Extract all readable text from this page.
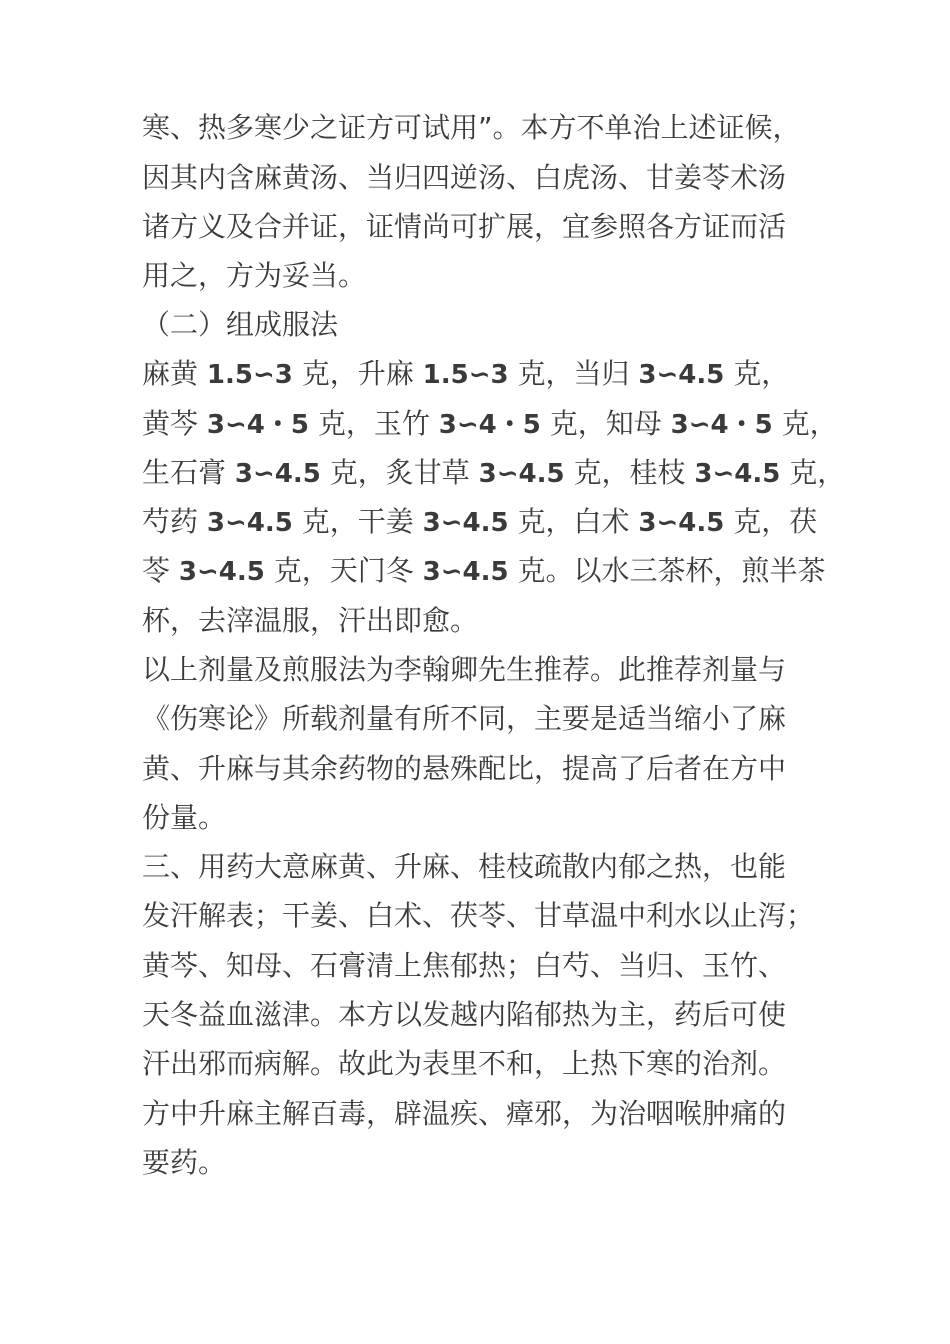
寒、热多寒少之证方可试用”。本方不单治上述证候，
因其内含麻黄汤、当归四逆汤、白虎汤、甘姜苓术汤
诸方义及合并证，证情尚可扩展，宜参照各方证而活
用之，方为妥当。
（二）组成服法
麻黄 1.5∽3 克，升麻 1.5∽3 克，当归 3∽4.5 克，
黄芩 3∽4・5 克，玉竹 3∽4・5 克，知母 3∽4・5 克，
生石膏 3∽4.5 克，炙甘草 3∽4.5 克，桂枝 3∽4.5 克，
芍药 3∽4.5 克，干姜 3∽4.5 克，白术 3∽4.5 克，茯
苓 3∽4.5 克，天门冬 3∽4.5 克。以水三茶杯，煎半茶
杯，去滓温服，汗出即愈。
以上剂量及煎服法为李翰卿先生推荐。此推荐剂量与
《伤寒论》所载剂量有所不同，主要是适当缩小了麻
黄、升麻与其余药物的悬殊配比，提高了后者在方中
份量。
三、用药大意麻黄、升麻、桂枝疏散内郁之热，也能
发汗解表；干姜、白术、茯苓、甘草温中利水以止泻；
黄芩、知母、石膏清上焦郁热；白芍、当归、玉竹、
天冬益血滋津。本方以发越内陷郁热为主，药后可使
汗出邪而病解。故此为表里不和，上热下寒的治剂。
方中升麻主解百毒，辟温疾、瘴邪，为治咽喉肿痛的
要药。
